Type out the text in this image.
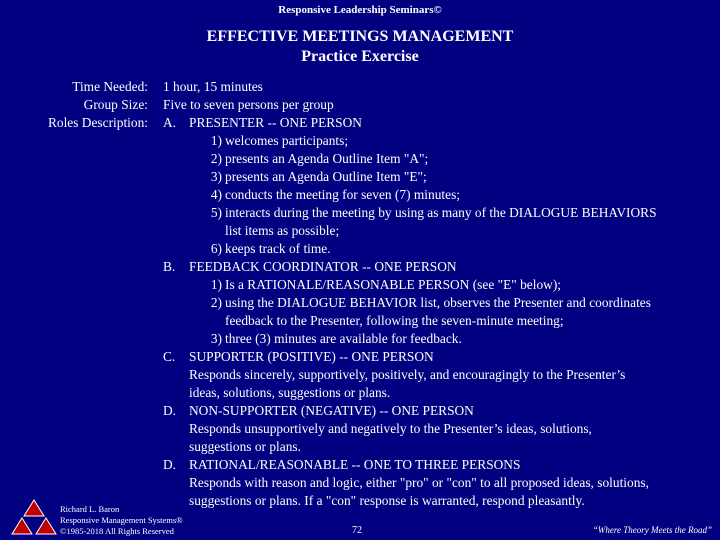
Responsive Leadership Seminars©
EFFECTIVE MEETINGS MANAGEMENT
Practice Exercise
Time Needed: 1 hour, 15 minutes
Group Size: Five to seven persons per group
Roles Description: A. PRESENTER -- ONE PERSON
1) welcomes participants;
2) presents an Agenda Outline Item "A";
3) presents an Agenda Outline Item "E";
4) conducts the meeting for seven (7) minutes;
5) interacts during the meeting by using as many of the DIALOGUE BEHAVIORS
list items as possible;
6) keeps track of time.
B. FEEDBACK COORDINATOR -- ONE PERSON
1) Is a RATIONALE/REASONABLE PERSON (see "E" below);
2) using the DIALOGUE BEHAVIOR list, observes the Presenter and coordinates
feedback to the Presenter, following the seven-minute meeting;
3) three (3) minutes are available for feedback.
C. SUPPORTER (POSITIVE) -- ONE PERSON
Responds sincerely, supportively, positively, and encouragingly to the Presenter’s
ideas, solutions, suggestions or plans.
D. NON-SUPPORTER (NEGATIVE) -- ONE PERSON
Responds unsupportively and negatively to the Presenter’s ideas, solutions,
suggestions or plans.
D. RATIONAL/REASONABLE -- ONE TO THREE PERSONS
Responds with reason and logic, either "pro" or "con" to all proposed ideas, solutions,
suggestions or plans. If a "con" response is warranted, respond pleasantly.
Richard L. Baron
Responsive Management Systems®
©1985-2018 All Rights Reserved	72	“Where Theory Meets the Road”
